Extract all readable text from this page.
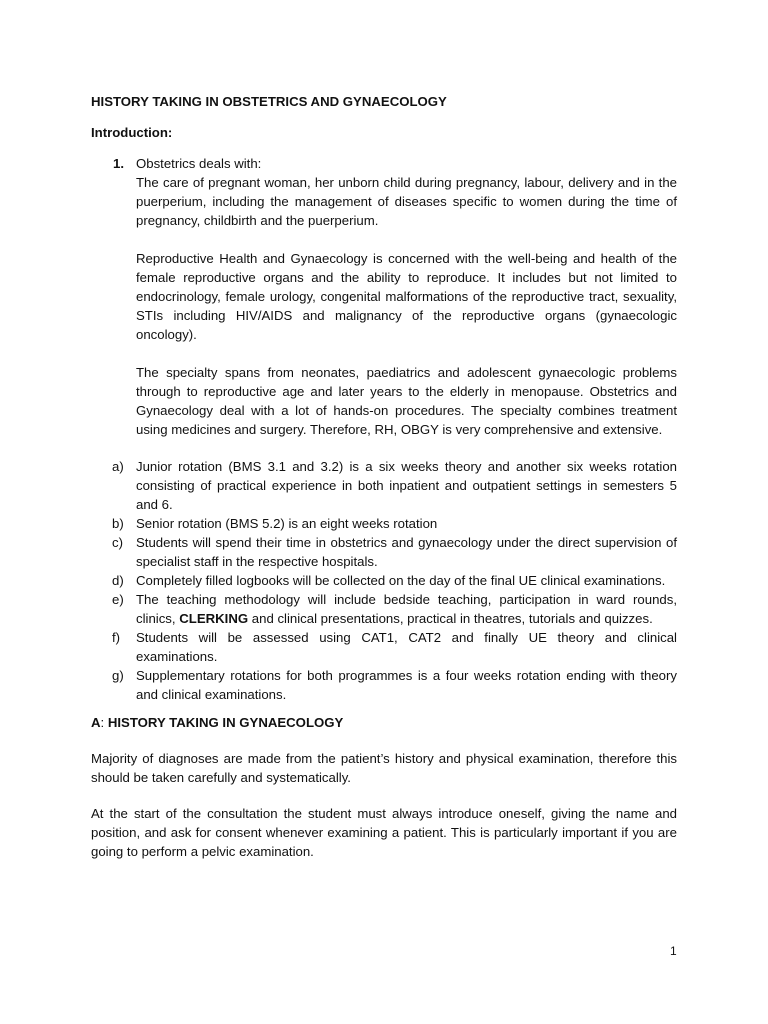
HISTORY TAKING IN OBSTETRICS AND GYNAECOLOGY

Introduction:

1. Obstetrics deals with:

The care of pregnant woman, her unborn child during pregnancy, labour, delivery and in the puerperium, including the management of diseases specific to women during the time of pregnancy, childbirth and the puerperium.

Reproductive Health and Gynaecology is concerned with the well-being and health of the female reproductive organs and the ability to reproduce. It includes but not limited to endocrinology, female urology, congenital malformations of the reproductive tract, sexuality, STIs including HIV/AIDS and malignancy of the reproductive organs (gynaecologic oncology).

The specialty spans from neonates, paediatrics and adolescent gynaecologic problems through to reproductive age and later years to the elderly in menopause. Obstetrics and Gynaecology deal with a lot of hands-on procedures. The specialty combines treatment using medicines and surgery. Therefore, RH, OBGY is very comprehensive and extensive.

a) Junior rotation (BMS 3.1 and 3.2) is a six weeks theory and another six weeks rotation consisting of practical experience in both inpatient and outpatient settings in semesters 5 and 6.
b) Senior rotation (BMS 5.2) is an eight weeks rotation
c) Students will spend their time in obstetrics and gynaecology under the direct supervision of specialist staff in the respective hospitals.
d) Completely filled logbooks will be collected on the day of the final UE clinical examinations.
e) The teaching methodology will include bedside teaching, participation in ward rounds, clinics, CLERKING and clinical presentations, practical in theatres, tutorials and quizzes.
f) Students will be assessed using CAT1, CAT2 and finally UE theory and clinical examinations.
g) Supplementary rotations for both programmes is a four weeks rotation ending with theory and clinical examinations.

A: HISTORY TAKING IN GYNAECOLOGY

Majority of diagnoses are made from the patient’s history and physical examination, therefore this should be taken carefully and systematically.

At the start of the consultation the student must always introduce oneself, giving the name and position, and ask for consent whenever examining a patient. This is particularly important if you are going to perform a pelvic examination.

1
